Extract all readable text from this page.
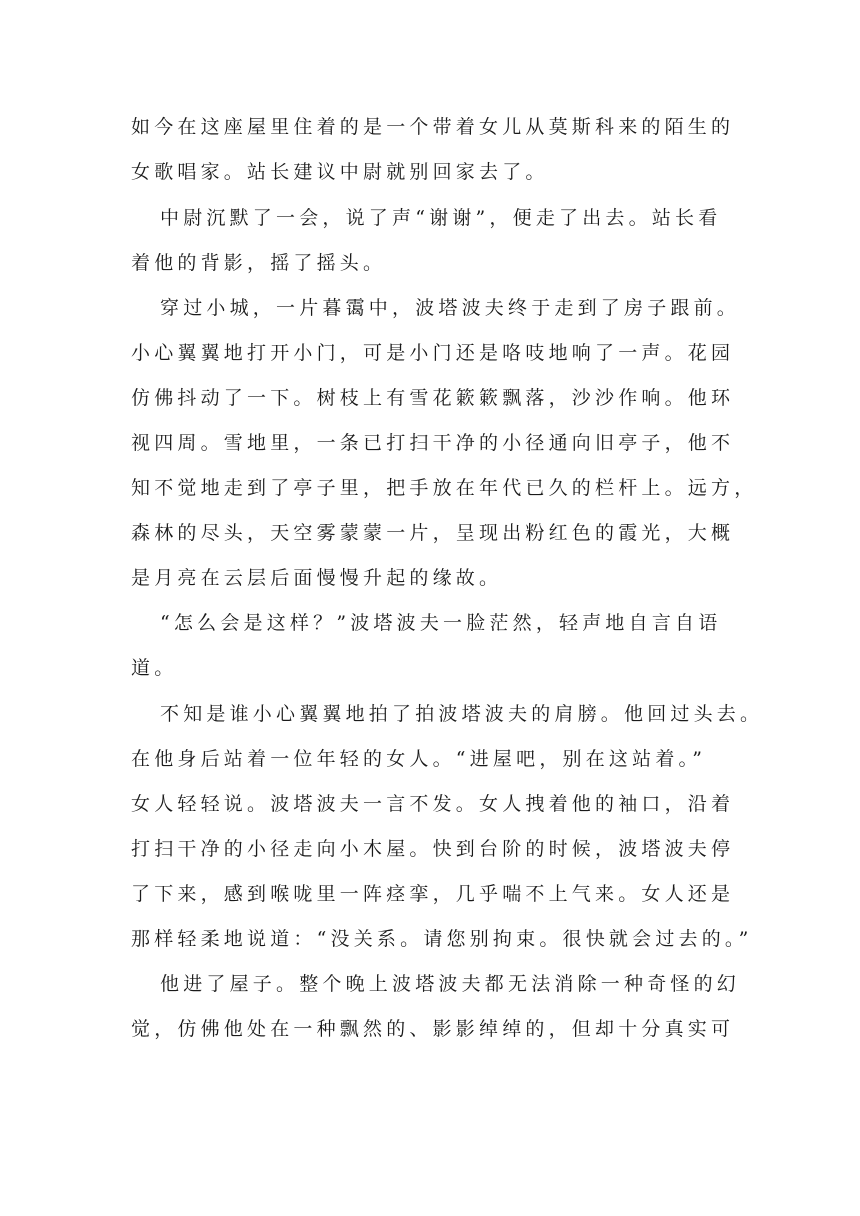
如今在这座屋里住着的是一个带着女儿从莫斯科来的陌生的
女歌唱家。站长建议中尉就别回家去了。
中尉沉默了一会，说了声“谢谢”，便走了出去。站长看
着他的背影，摇了摇头。
穿过小城，一片暮霭中，波塔波夫终于走到了房子跟前。
小心翼翼地打开小门，可是小门还是咯吱地响了一声。花园
仿佛抖动了一下。树枝上有雪花簌簌飘落，沙沙作响。他环
视四周。雪地里，一条已打扫干净的小径通向旧亭子，他不
知不觉地走到了亭子里，把手放在年代已久的栏杆上。远方，
森林的尽头，天空雾蒙蒙一片，呈现出粉红色的霞光，大概
是月亮在云层后面慢慢升起的缘故。
“怎么会是这样？”波塔波夫一脸茫然，轻声地自言自语
道。
不知是谁小心翼翼地拍了拍波塔波夫的肩膀。他回过头去。
在他身后站着一位年轻的女人。“进屋吧，别在这站着。”
女人轻轻说。波塔波夫一言不发。女人拽着他的袖口，沿着
打扫干净的小径走向小木屋。快到台阶的时候，波塔波夫停
了下来，感到喉咙里一阵痉挛，几乎喘不上气来。女人还是
那样轻柔地说道：“没关系。请您别拘束。很快就会过去的。”
他进了屋子。整个晚上波塔波夫都无法消除一种奇怪的幻
觉，仿佛他处在一种飘然的、影影绰绰的，但却十分真实可
